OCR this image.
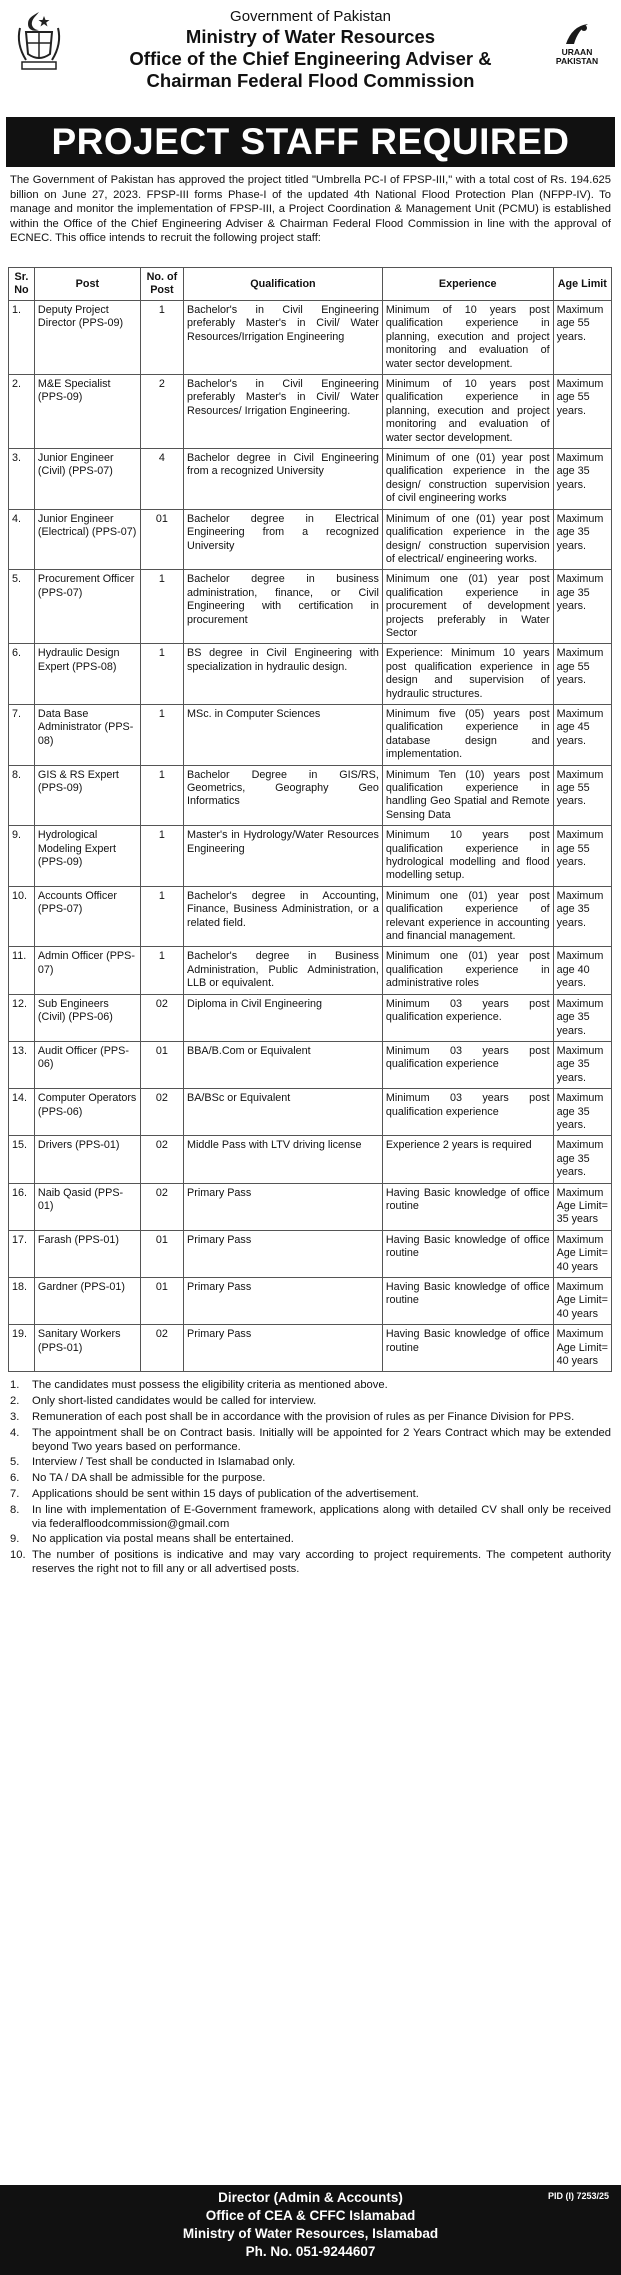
URAAN
PAKISTAN
Government of Pakistan
Ministry of Water Resources
Office of the Chief Engineering Adviser &
Chairman Federal Flood Commission
PROJECT STAFF REQUIRED
The Government of Pakistan has approved the project titled "Umbrella PC-I of FPSP-III," with a total cost of Rs. 194.625 billion on June 27, 2023. FPSP-III forms Phase-I of the updated 4th National Flood Protection Plan (NFPP-IV). To manage and monitor the implementation of FPSP-III, a Project Coordination & Management Unit (PCMU) is established within the Office of the Chief Engineering Adviser & Chairman Federal Flood Commission in line with the approval of ECNEC. This office intends to recruit the following project staff:
Sr. No	Post	No. of Post	Qualification	Experience	Age Limit
1.	Deputy Project Director (PPS-09)	1	Bachelor's in Civil Engineering preferably Master's in Civil/ Water Resources/Irrigation Engineering	Minimum of 10 years post qualification experience in planning, execution and project monitoring and evaluation of water sector development.	Maximum age 55 years.
2.	M&E Specialist (PPS-09)	2	Bachelor's in Civil Engineering preferably Master's in Civil/ Water Resources/ Irrigation Engineering.	Minimum of 10 years post qualification experience in planning, execution and project monitoring and evaluation of water sector development.	Maximum age 55 years.
3.	Junior Engineer (Civil) (PPS-07)	4	Bachelor degree in Civil Engineering from a recognized University	Minimum of one (01) year post qualification experience in the design/ construction supervision of civil engineering works	Maximum age 35 years.
4.	Junior Engineer (Electrical) (PPS-07)	01	Bachelor degree in Electrical Engineering from a recognized University	Minimum of one (01) year post qualification experience in the design/ construction supervision of electrical/ engineering works.	Maximum age 35 years.
5.	Procurement Officer (PPS-07)	1	Bachelor degree in business administration, finance, or Civil Engineering with certification in procurement	Minimum one (01) year post qualification experience in procurement of development projects preferably in Water Sector	Maximum age 35 years.
6.	Hydraulic Design Expert (PPS-08)	1	BS degree in Civil Engineering with specialization in hydraulic design.	Experience: Minimum 10 years post qualification experience in design and supervision of hydraulic structures.	Maximum age 55 years.
7.	Data Base Administrator (PPS-08)	1	MSc. in Computer Sciences	Minimum five (05) years post qualification experience in database design and implementation.	Maximum age 45 years.
8.	GIS & RS Expert (PPS-09)	1	Bachelor Degree in GIS/RS, Geometrics, Geography Geo Informatics	Minimum Ten (10) years post qualification experience in handling Geo Spatial and Remote Sensing Data	Maximum age 55 years.
9.	Hydrological Modeling Expert (PPS-09)	1	Master's in Hydrology/Water Resources Engineering	Minimum 10 years post qualification experience in hydrological modelling and flood modelling setup.	Maximum age 55 years.
10.	Accounts Officer (PPS-07)	1	Bachelor's degree in Accounting, Finance, Business Administration, or a related field.	Minimum one (01) year post qualification experience of relevant experience in accounting and financial management.	Maximum age 35 years.
11.	Admin Officer (PPS-07)	1	Bachelor's degree in Business Administration, Public Administration, LLB or equivalent.	Minimum one (01) year post qualification experience in administrative roles	Maximum age 40 years.
12.	Sub Engineers (Civil) (PPS-06)	02	Diploma in Civil Engineering	Minimum 03 years post qualification experience.	Maximum age 35 years.
13.	Audit Officer (PPS-06)	01	BBA/B.Com or Equivalent	Minimum 03 years post qualification experience	Maximum age 35 years.
14.	Computer Operators (PPS-06)	02	BA/BSc or Equivalent	Minimum 03 years post qualification experience	Maximum age 35 years.
15.	Drivers (PPS-01)	02	Middle Pass with LTV driving license	Experience 2 years is required	Maximum age 35 years.
16.	Naib Qasid (PPS-01)	02	Primary Pass	Having Basic knowledge of office routine	Maximum Age Limit= 35 years
17.	Farash (PPS-01)	01	Primary Pass	Having Basic knowledge of office routine	Maximum Age Limit= 40 years
18.	Gardner (PPS-01)	01	Primary Pass	Having Basic knowledge of office routine	Maximum Age Limit= 40 years
19.	Sanitary Workers (PPS-01)	02	Primary Pass	Having Basic knowledge of office routine	Maximum Age Limit= 40 years
1.	The candidates must possess the eligibility criteria as mentioned above.
2.	Only short-listed candidates would be called for interview.
3.	Remuneration of each post shall be in accordance with the provision of rules as per Finance Division for PPS.
4.	The appointment shall be on Contract basis. Initially will be appointed for 2 Years Contract which may be extended beyond Two years based on performance.
5.	Interview / Test shall be conducted in Islamabad only.
6.	No TA / DA shall be admissible for the purpose.
7.	Applications should be sent within 15 days of publication of the advertisement.
8.	In line with implementation of E-Government framework, applications along with detailed CV shall only be received via federalfloodcommission@gmail.com
9.	No application via postal means shall be entertained.
10. The number of positions is indicative and may vary according to project requirements. The competent authority reserves the right not to fill any or all advertised posts.
PID (I) 7253/25
Director (Admin & Accounts)
Office of CEA & CFFC Islamabad
Ministry of Water Resources, Islamabad
Ph. No. 051-9244607
